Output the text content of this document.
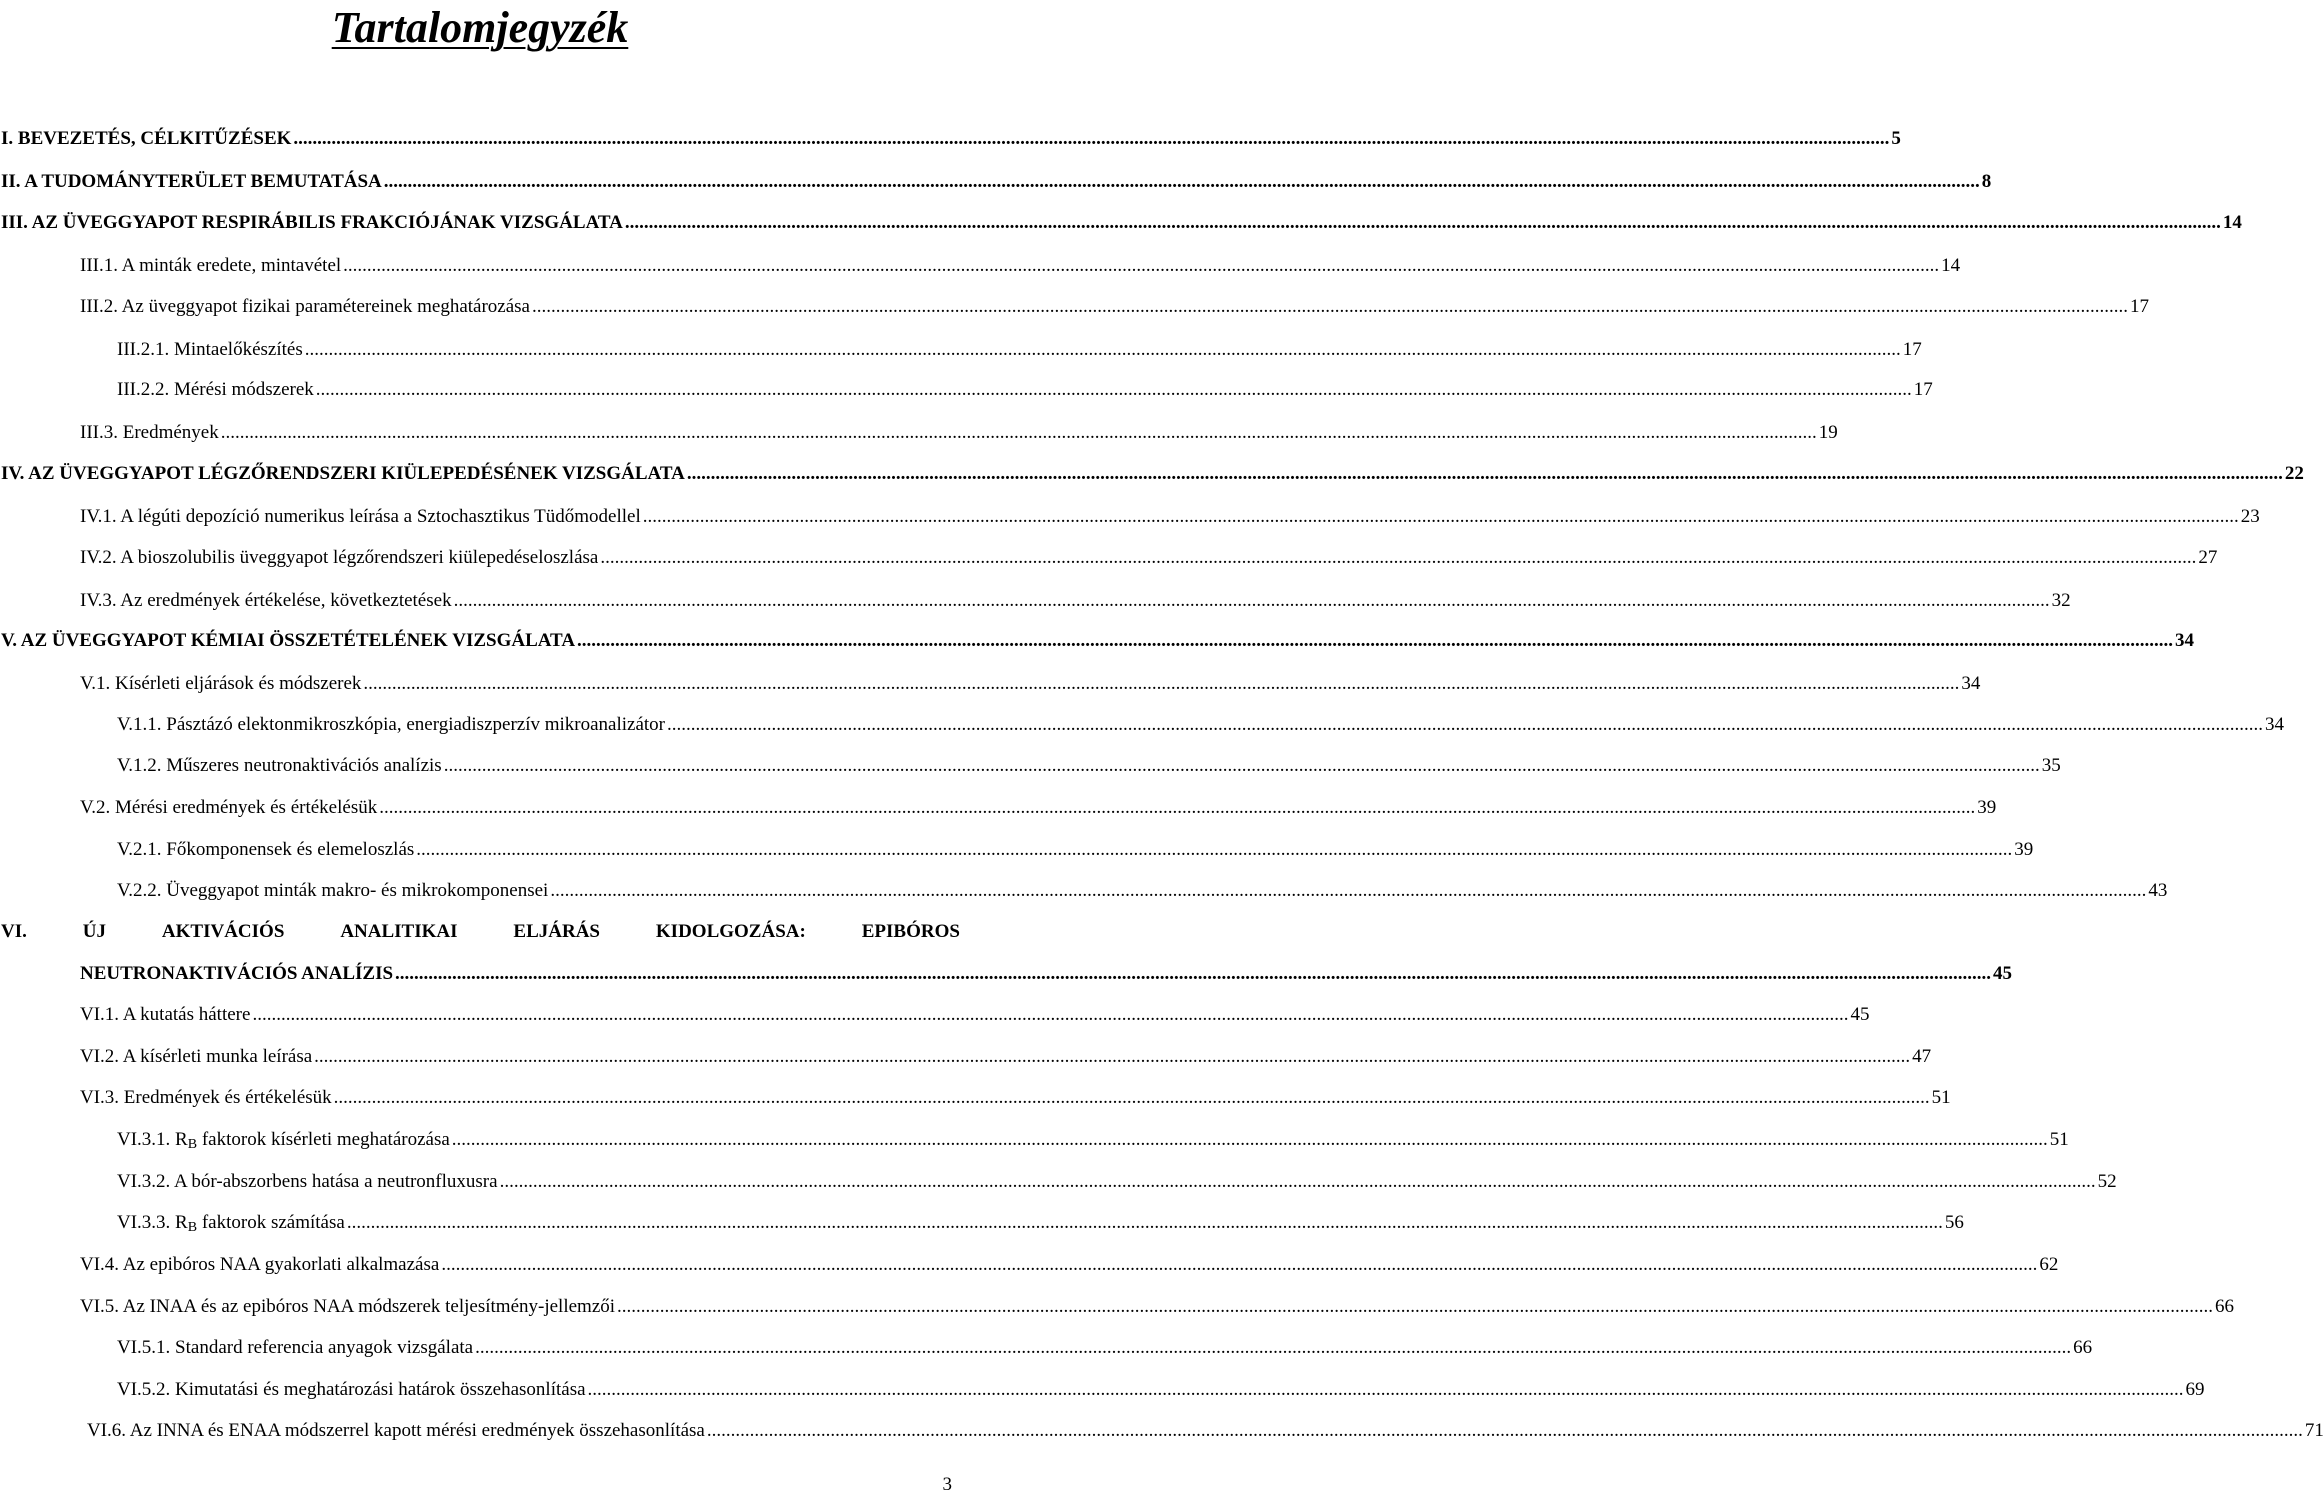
Tartalomjegyzék
I. BEVEZETÉS, CÉLKITŰZÉSEK ................................................................................................................................................................................................................................................................................................................................................ 5
II. A TUDOMÁNYTERÜLET BEMUTATÁSA ................................................................................................................................................................................................................................................................................................................................................ 8
III. AZ ÜVEGGYAPOT RESPIRÁBILIS FRAKCIÓJÁNAK VIZSGÁLATA ................................................................................................................................................................................................................................................................................................................................................ 14
III.1. A minták eredete, mintavétel ................................................................................................................................................................................................................................................................................................................................................ 14
III.2. Az üveggyapot fizikai paramétereinek meghatározása ................................................................................................................................................................................................................................................................................................................................................ 17
III.2.1. Mintaelőkészítés ................................................................................................................................................................................................................................................................................................................................................ 17
III.2.2. Mérési módszerek ................................................................................................................................................................................................................................................................................................................................................ 17
III.3. Eredmények ................................................................................................................................................................................................................................................................................................................................................ 19
IV. AZ ÜVEGGYAPOT LÉGZŐRENDSZERI KIÜLEPEDÉSÉNEK VIZSGÁLATA ................................................................................................................................................................................................................................................................................................................................................ 22
IV.1. A légúti depozíció numerikus leírása a Sztochasztikus Tüdőmodellel ................................................................................................................................................................................................................................................................................................................................................ 23
IV.2. A bioszolubilis üveggyapot légzőrendszeri kiülepedéseloszlása ................................................................................................................................................................................................................................................................................................................................................ 27
IV.3. Az eredmények értékelése, következtetések ................................................................................................................................................................................................................................................................................................................................................ 32
V. AZ ÜVEGGYAPOT KÉMIAI ÖSSZETÉTELÉNEK VIZSGÁLATA ................................................................................................................................................................................................................................................................................................................................................ 34
V.1. Kísérleti eljárások és módszerek ................................................................................................................................................................................................................................................................................................................................................ 34
V.1.1. Pásztázó elektonmikroszkópia, energiadiszperzív mikroanalizátor ................................................................................................................................................................................................................................................................................................................................................ 34
V.1.2. Műszeres neutronaktivációs analízis ................................................................................................................................................................................................................................................................................................................................................ 35
V.2. Mérési eredmények és értékelésük ................................................................................................................................................................................................................................................................................................................................................ 39
V.2.1. Főkomponensek és elemeloszlás ................................................................................................................................................................................................................................................................................................................................................ 39
V.2.2. Üveggyapot minták makro- és mikrokomponensei ................................................................................................................................................................................................................................................................................................................................................ 43
VI.	ÚJ	AKTIVÁCIÓS	ANALITIKAI	ELJÁRÁS	KIDOLGOZÁSA:	EPIBÓROS
NEUTRONAKTIVÁCIÓS ANALÍZIS ................................................................................................................................................................................................................................................................................................................................................ 45
VI.1. A kutatás háttere ................................................................................................................................................................................................................................................................................................................................................ 45
VI.2. A kísérleti munka leírása ................................................................................................................................................................................................................................................................................................................................................ 47
VI.3. Eredmények és értékelésük ................................................................................................................................................................................................................................................................................................................................................ 51
VI.3.1. $R_B$ faktorok kísérleti meghatározása ................................................................................................................................................................................................................................................................................................................................................ 51
VI.3.2. A bór-abszorbens hatása a neutronfluxusra ................................................................................................................................................................................................................................................................................................................................................ 52
VI.3.3. $R_B$ faktorok számítása ................................................................................................................................................................................................................................................................................................................................................ 56
VI.4. Az epibóros NAA gyakorlati alkalmazása ................................................................................................................................................................................................................................................................................................................................................ 62
VI.5. Az INAA és az epibóros NAA módszerek teljesítmény-jellemzői ................................................................................................................................................................................................................................................................................................................................................ 66
VI.5.1. Standard referencia anyagok vizsgálata ................................................................................................................................................................................................................................................................................................................................................ 66
VI.5.2. Kimutatási és meghatározási határok összehasonlítása ................................................................................................................................................................................................................................................................................................................................................ 69
VI.6. Az INNA és ENAA módszerrel kapott mérési eredmények összehasonlítása ................................................................................................................................................................................................................................................................................................................................................ 71
3
